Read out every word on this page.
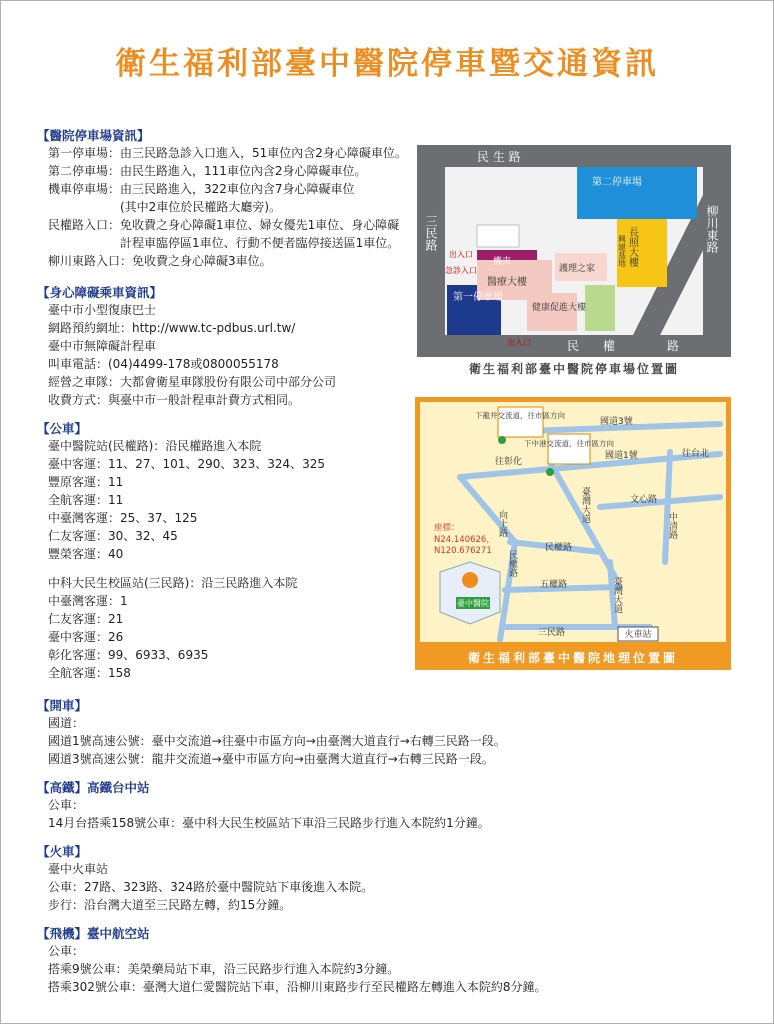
衛生福利部臺中醫院停車暨交通資訊
【醫院停車場資訊】
第一停車場：由三民路急診入口進入，51車位內含2身心障礙車位。
第二停車場：由民生路進入，111車位內含2身心障礙車位。
機車停車場：由三民路進入，322車位內含7身心障礙車位
　　　　　　(其中2車位於民權路大廳旁)。
民權路入口：免收費之身心障礙1車位、婦女優先1車位、身心障礙
　　　　　　計程車臨停區1車位、行動不便者臨停接送區1車位。
柳川東路入口：免收費之身心障礙3車位。
【身心障礙乘車資訊】
臺中市小型復康巴士
網路預約網址：http://www.tc-pdbus.url.tw/
臺中市無障礙計程車
叫車電話：(04)4499-178或0800055178
經營之車隊：大都會衛星車隊股份有限公司中部分公司
收費方式：與臺中市一般計程車計費方式相同。
【公車】
臺中醫院站(民權路)：沿民權路進入本院
臺中客運：11、27、101、290、323、324、325
豐原客運：11
全航客運：11
中臺灣客運：25、37、125
仁友客運：30、32、45
豐榮客運：40
中科大民生校區站(三民路)：沿三民路進入本院
中臺灣客運：1
仁友客運：21
臺中客運：26
彰化客運：99、6933、6935
全航客運：158
【開車】
國道：
國道1號高速公號：臺中交流道→往臺中市區方向→由臺灣大道直行→右轉三民路一段。
國道3號高速公號：龍井交流道→臺中市區方向→由臺灣大道直行→右轉三民路一段。
【高鐵】高鐵台中站
公車：
14月台搭乘158號公車：臺中科大民生校區站下車沿三民路步行進入本院約1分鐘。
【火車】
臺中火車站
公車：27路、323路、324路於臺中醫院站下車後進入本院。
步行：沿台灣大道至三民路左轉，約15分鐘。
【飛機】臺中航空站
公車：
搭乘9號公車：美榮藥局站下車，沿三民路步行進入本院約3分鐘。
搭乘302號公車：臺灣大道仁愛醫院站下車，沿柳川東路步行至民權路左轉進入本院約8分鐘。
民 生 路
三民路
民　　權	路
柳川東路
第二停車場
第一停車場
機車
醫療大樓
健康促進大樓
長照大樓
興建基地
護理之家
出入口
急診入口
出入口
衛生福利部臺中醫院停車場位置圖
下龍井交流道，往市區方向
下中港交流道，往市區方向
國道3號
國道1號
往彰化
往台北
文心路
臺灣大道
中清路
向上路
民權路
民權路
五權路
三民路
臺灣大道
座標：
N24.140626，
N120.676271
臺中醫院
火車站
衛生福利部臺中醫院地理位置圖
